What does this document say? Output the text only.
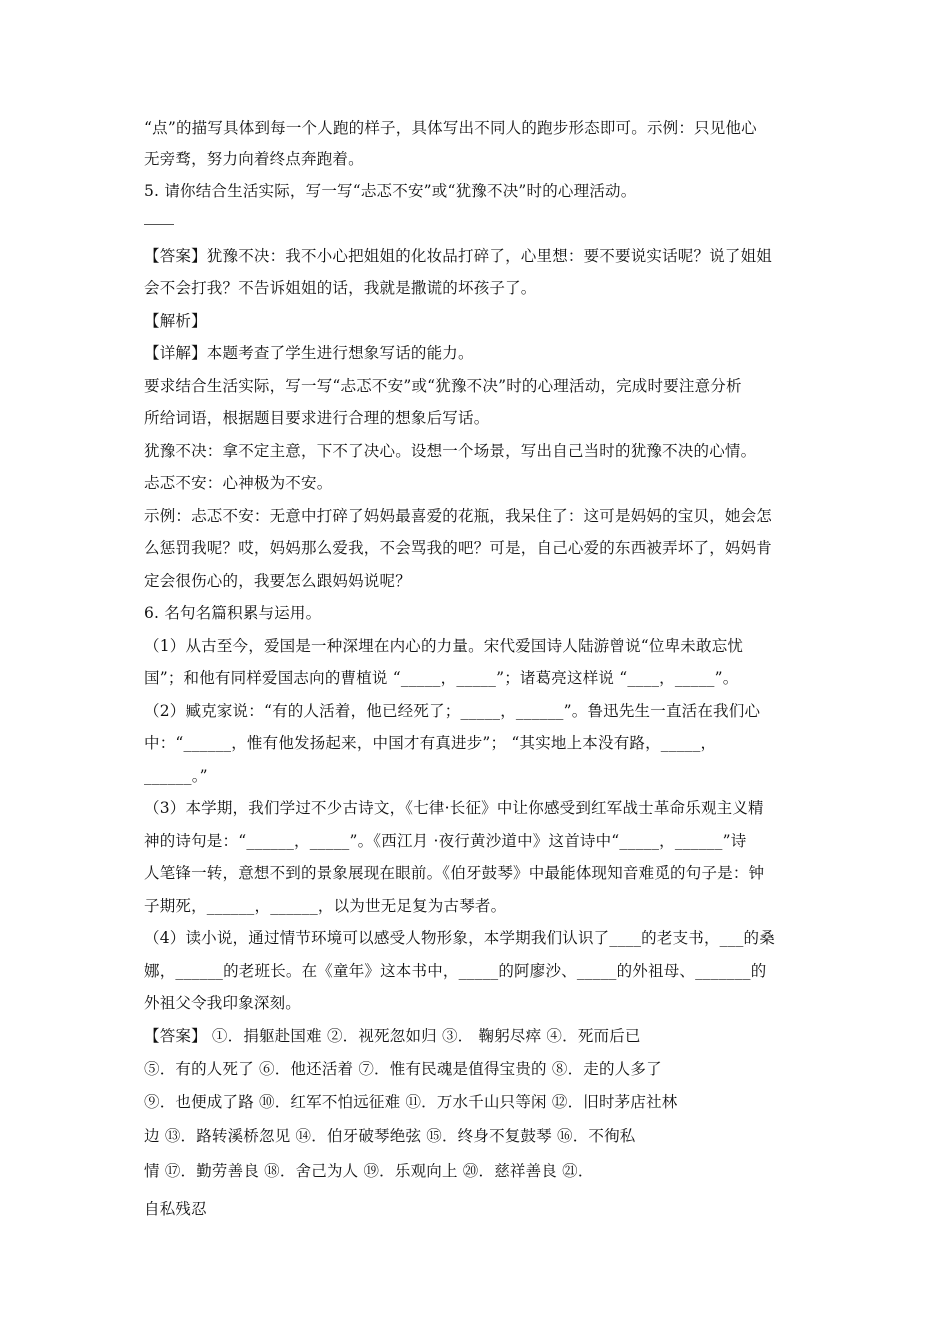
“点”的描写具体到每一个人跑的样子，具体写出不同人的跑步形态即可。示例：只见他心
无旁骛，努力向着终点奔跑着。
5. 请你结合生活实际，写一写“忐忑不安”或“犹豫不决”时的心理活动。
【答案】犹豫不决：我不小心把姐姐的化妆品打碎了，心里想：要不要说实话呢？说了姐姐
会不会打我？不告诉姐姐的话，我就是撒谎的坏孩子了。
【解析】
【详解】本题考查了学生进行想象写话的能力。
要求结合生活实际，写一写“忐忑不安”或“犹豫不决”时的心理活动，完成时要注意分析
所给词语，根据题目要求进行合理的想象后写话。
犹豫不决：拿不定主意，下不了决心。设想一个场景，写出自己当时的犹豫不决的心情。
忐忑不安：心神极为不安。
示例：忐忑不安：无意中打碎了妈妈最喜爱的花瓶，我呆住了：这可是妈妈的宝贝，她会怎
么惩罚我呢？哎，妈妈那么爱我，不会骂我的吧？可是，自己心爱的东西被弄坏了，妈妈肯
定会很伤心的，我要怎么跟妈妈说呢？
6. 名句名篇积累与运用。
（1）从古至今，爱国是一种深埋在内心的力量。宋代爱国诗人陆游曾说“位卑未敢忘忧
国”；和他有同样爱国志向的曹植说 “_____，_____”；诸葛亮这样说 “____，_____”。
（2）臧克家说：“有的人活着，他已经死了；_____，______”。鲁迅先生一直活在我们心
中：“______，惟有他发扬起来，中国才有真进步”； “其实地上本没有路，_____，
______。”
（3）本学期，我们学过不少古诗文，《七律·长征》中让你感受到红军战士革命乐观主义精
神的诗句是：“______，_____”。《西江月 ·夜行黄沙道中》这首诗中“_____，______”诗
人笔锋一转，意想不到的景象展现在眼前。《伯牙鼓琴》中最能体现知音难觅的句子是：钟
子期死，______，______，以为世无足复为古琴者。
（4）读小说，通过情节环境可以感受人物形象，本学期我们认识了____的老支书，___的桑
娜，______的老班长。在《童年》这本书中，_____的阿廖沙、_____的外祖母、_______的
外祖父令我印象深刻。
【答案】 ①．捐躯赴国难 ②．视死忽如归 ③． 鞠躬尽瘁 ④．死而后已
⑤．有的人死了 ⑥．他还活着 ⑦．惟有民魂是值得宝贵的 ⑧．走的人多了
⑨．也便成了路 ⑩．红军不怕远征难 ⑪．万水千山只等闲 ⑫．旧时茅店社林
边 ⑬．路转溪桥忽见 ⑭．伯牙破琴绝弦 ⑮．终身不复鼓琴 ⑯．不徇私
情 ⑰．勤劳善良 ⑱．舍己为人 ⑲．乐观向上 ⑳．慈祥善良 ㉑．
自私残忍
